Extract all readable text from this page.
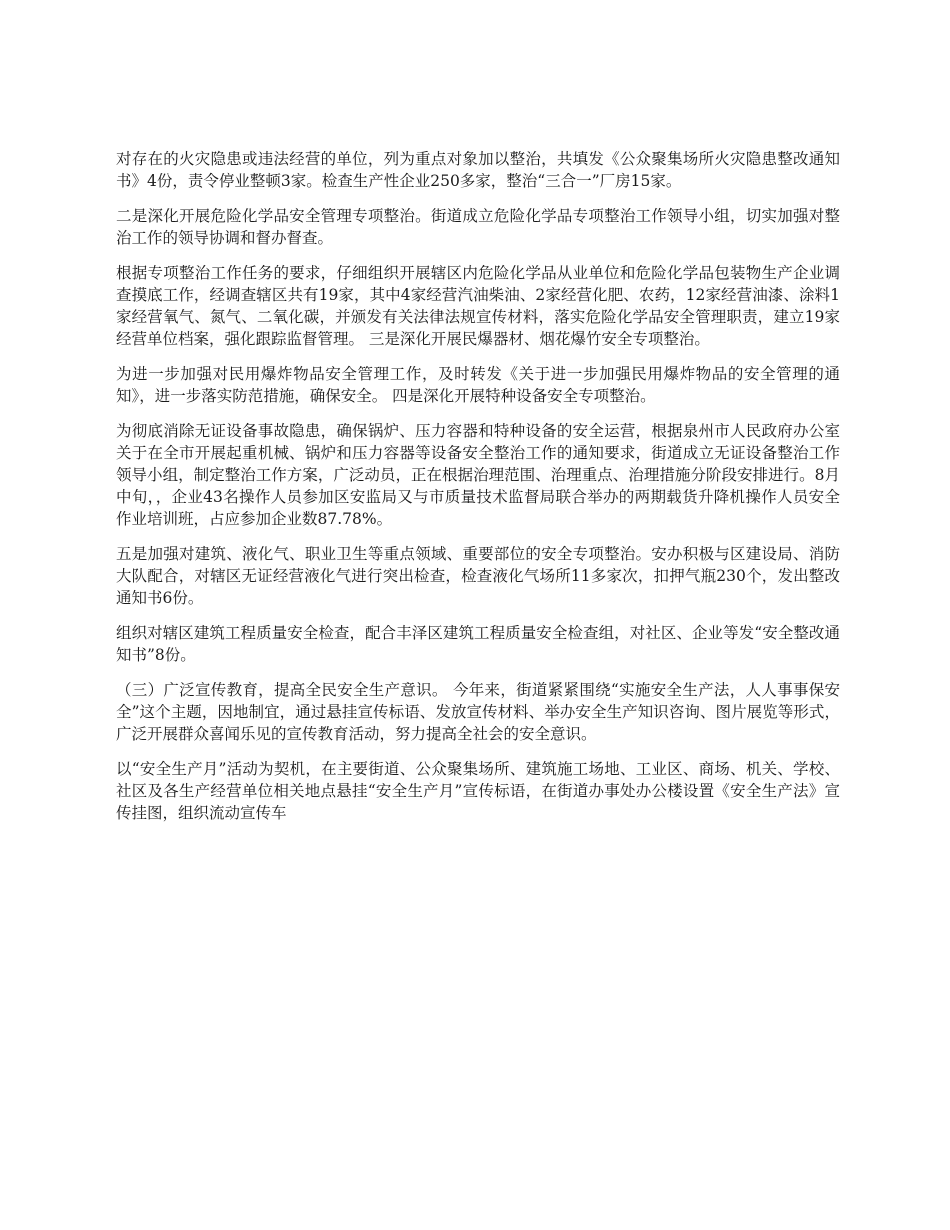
对存在的火灾隐患或违法经营的单位，列为重点对象加以整治，共填发《公众聚集场所火灾隐患整改通知书》4份，责令停业整顿3家。检查生产性企业250多家，整治“三合一”厂房15家。

二是深化开展危险化学品安全管理专项整治。街道成立危险化学品专项整治工作领导小组，切实加强对整治工作的领导协调和督办督查。

根据专项整治工作任务的要求，仔细组织开展辖区内危险化学品从业单位和危险化学品包装物生产企业调查摸底工作，经调查辖区共有19家，其中4家经营汽油柴油、2家经营化肥、农药，12家经营油漆、涂料1家经营氧气、氮气、二氧化碳，并颁发有关法律法规宣传材料，落实危险化学品安全管理职责，建立19家经营单位档案，强化跟踪监督管理。 三是深化开展民爆器材、烟花爆竹安全专项整治。

为进一步加强对民用爆炸物品安全管理工作，及时转发《关于进一步加强民用爆炸物品的安全管理的通知》，进一步落实防范措施，确保安全。 四是深化开展特种设备安全专项整治。

为彻底消除无证设备事故隐患，确保锅炉、压力容器和特种设备的安全运营，根据泉州市人民政府办公室关于在全市开展起重机械、锅炉和压力容器等设备安全整治工作的通知要求，街道成立无证设备整治工作领导小组，制定整治工作方案，广泛动员，正在根据治理范围、治理重点、治理措施分阶段安排进行。8月中旬，，企业43名操作人员参加区安监局又与市质量技术监督局联合举办的两期载货升降机操作人员安全作业培训班，占应参加企业数87.78%。

五是加强对建筑、液化气、职业卫生等重点领域、重要部位的安全专项整治。安办积极与区建设局、消防大队配合，对辖区无证经营液化气进行突出检查，检查液化气场所11多家次，扣押气瓶230个，发出整改通知书6份。

组织对辖区建筑工程质量安全检查，配合丰泽区建筑工程质量安全检查组，对社区、企业等发“安全整改通知书”8份。

（三）广泛宣传教育，提高全民安全生产意识。 今年来，街道紧紧围绕“实施安全生产法，人人事事保安全”这个主题，因地制宜，通过悬挂宣传标语、发放宣传材料、举办安全生产知识咨询、图片展览等形式，广泛开展群众喜闻乐见的宣传教育活动，努力提高全社会的安全意识。

以“安全生产月”活动为契机，在主要街道、公众聚集场所、建筑施工场地、工业区、商场、机关、学校、社区及各生产经营单位相关地点悬挂“安全生产月”宣传标语，在街道办事处办公楼设置《安全生产法》宣传挂图，组织流动宣传车
